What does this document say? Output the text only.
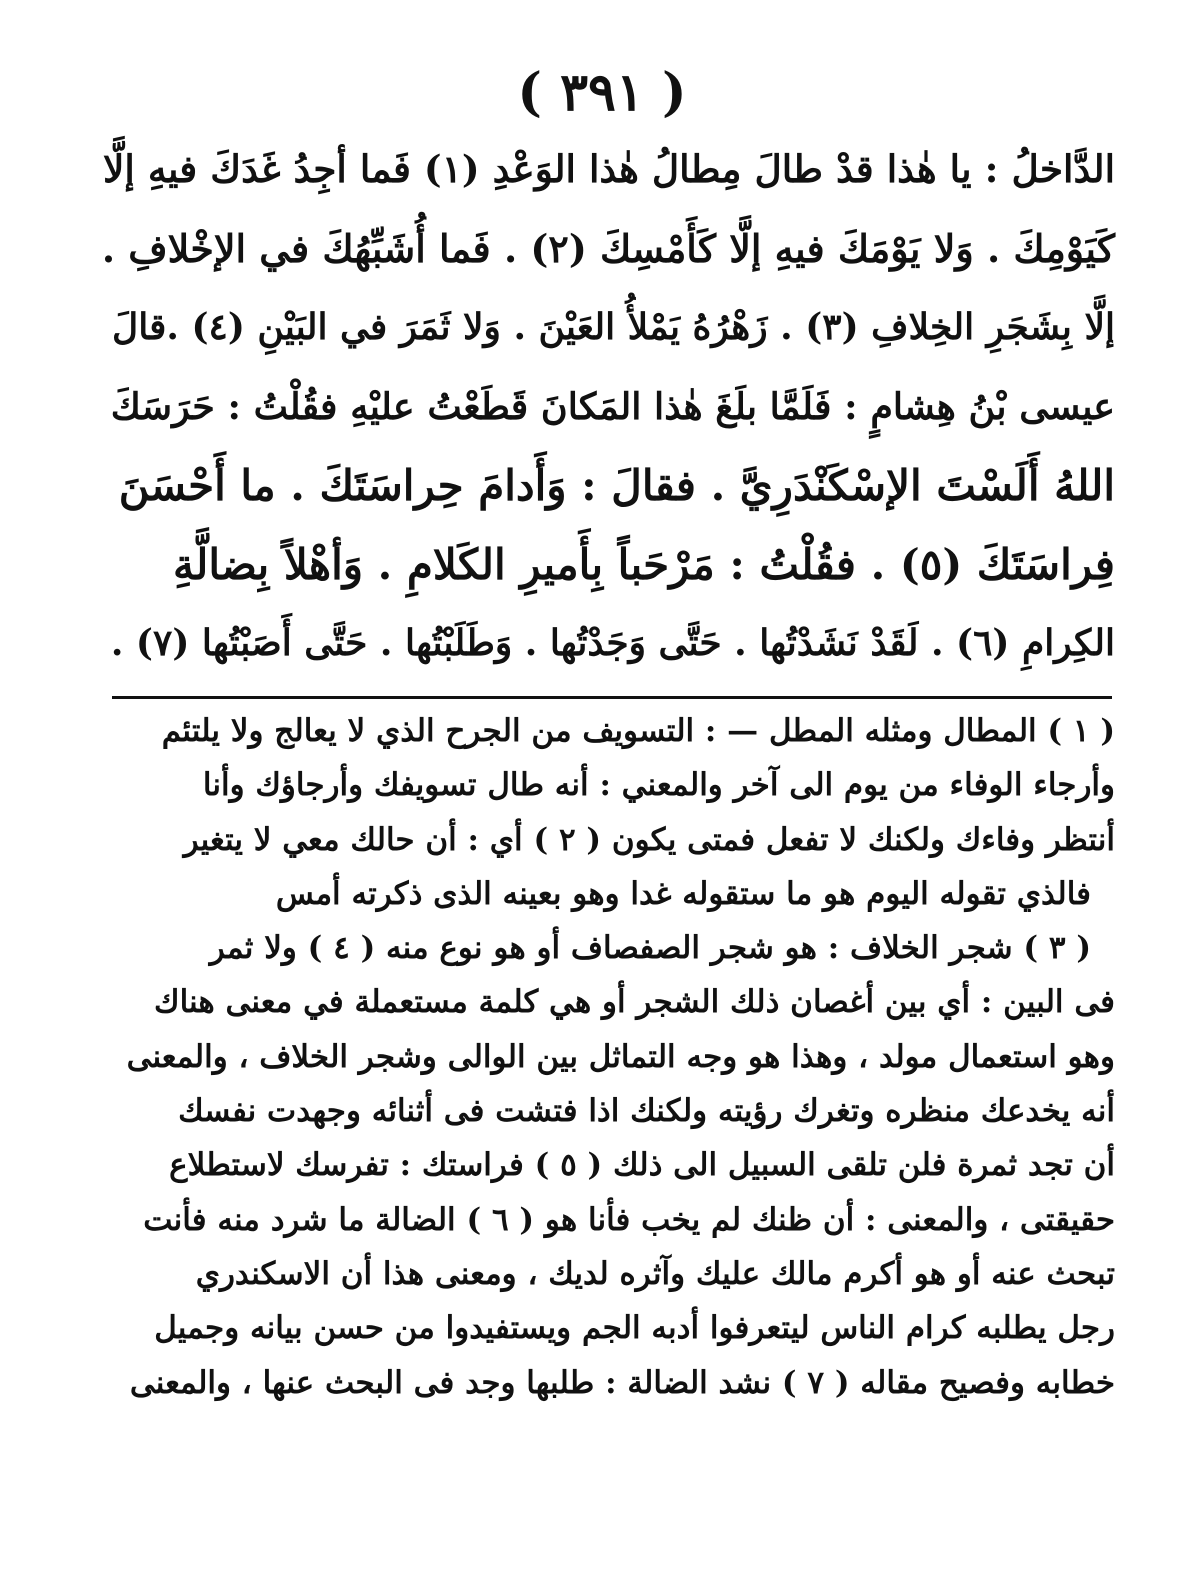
( ٣٩١ )

الدَّاخلُ : يا هٰذا قدْ طالَ مِطالُ هٰذا الوَعْدِ (١) فَما أجِدُ غَدَكَ فيهِ إلَّا

كَيَوْمِكَ . وَلا يَوْمَكَ فيهِ إلَّا كَأَمْسِكَ (٢) . فَما أُشَبِّهُكَ في الإخْلافِ .

إلَّا بِشَجَرِ الخِلافِ (٣) . زَهْرُهُ يَمْلأُ العَيْنَ . وَلا ثَمَرَ في البَيْنِ (٤) .قالَ

عيسى بْنُ هِشامٍ : فَلَمَّا بلَغَ هٰذا المَكانَ قَطَعْتُ عليْهِ فقُلْتُ : حَرَسَكَ

اللهُ أَلَسْتَ الإسْكَنْدَرِيَّ . فقالَ : وَأَدامَ حِراسَتَكَ . ما أَحْسَنَ

فِراسَتَكَ (٥) . فقُلْتُ : مَرْحَباً بِأَميرِ الكَلامِ . وَأهْلاً بِضالَّةِ

الكِرامِ (٦) . لَقَدْ نَشَدْتُها . حَتَّى وَجَدْتُها . وَطَلَبْتُها . حَتَّى أَصَبْتُها (٧) .

( ١ ) المطال ومثله المطل — : التسويف من الجرح الذي لا يعالج ولا يلتئم

وأرجاء الوفاء من يوم الى آخر والمعني : أنه طال تسويفك وأرجاؤك وأنا

أنتظر وفاءك ولكنك لا تفعل فمتى يكون ( ٢ ) أي : أن حالك معي لا يتغير

فالذي تقوله اليوم هو ما ستقوله غدا وهو بعينه الذى ذكرته أمس

( ٣ ) شجر الخلاف : هو شجر الصفصاف أو هو نوع منه ( ٤ ) ولا ثمر

فى البين : أي بين أغصان ذلك الشجر أو هي كلمة مستعملة في معنى هناك

وهو استعمال مولد ، وهذا هو وجه التماثل بين الوالى وشجر الخلاف ، والمعنى

أنه يخدعك منظره وتغرك رؤيته ولكنك اذا فتشت فى أثنائه وجهدت نفسك

أن تجد ثمرة فلن تلقى السبيل الى ذلك ( ٥ ) فراستك : تفرسك لاستطلاع

حقيقتى ، والمعنى : أن ظنك لم يخب فأنا هو ( ٦ ) الضالة ما شرد منه فأنت

تبحث عنه أو هو أكرم مالك عليك وآثره لديك ، ومعنى هذا أن الاسكندري

رجل يطلبه كرام الناس ليتعرفوا أدبه الجم ويستفيدوا من حسن بيانه وجميل

خطابه وفصيح مقاله ( ٧ ) نشد الضالة : طلبها وجد فى البحث عنها ، والمعنى
